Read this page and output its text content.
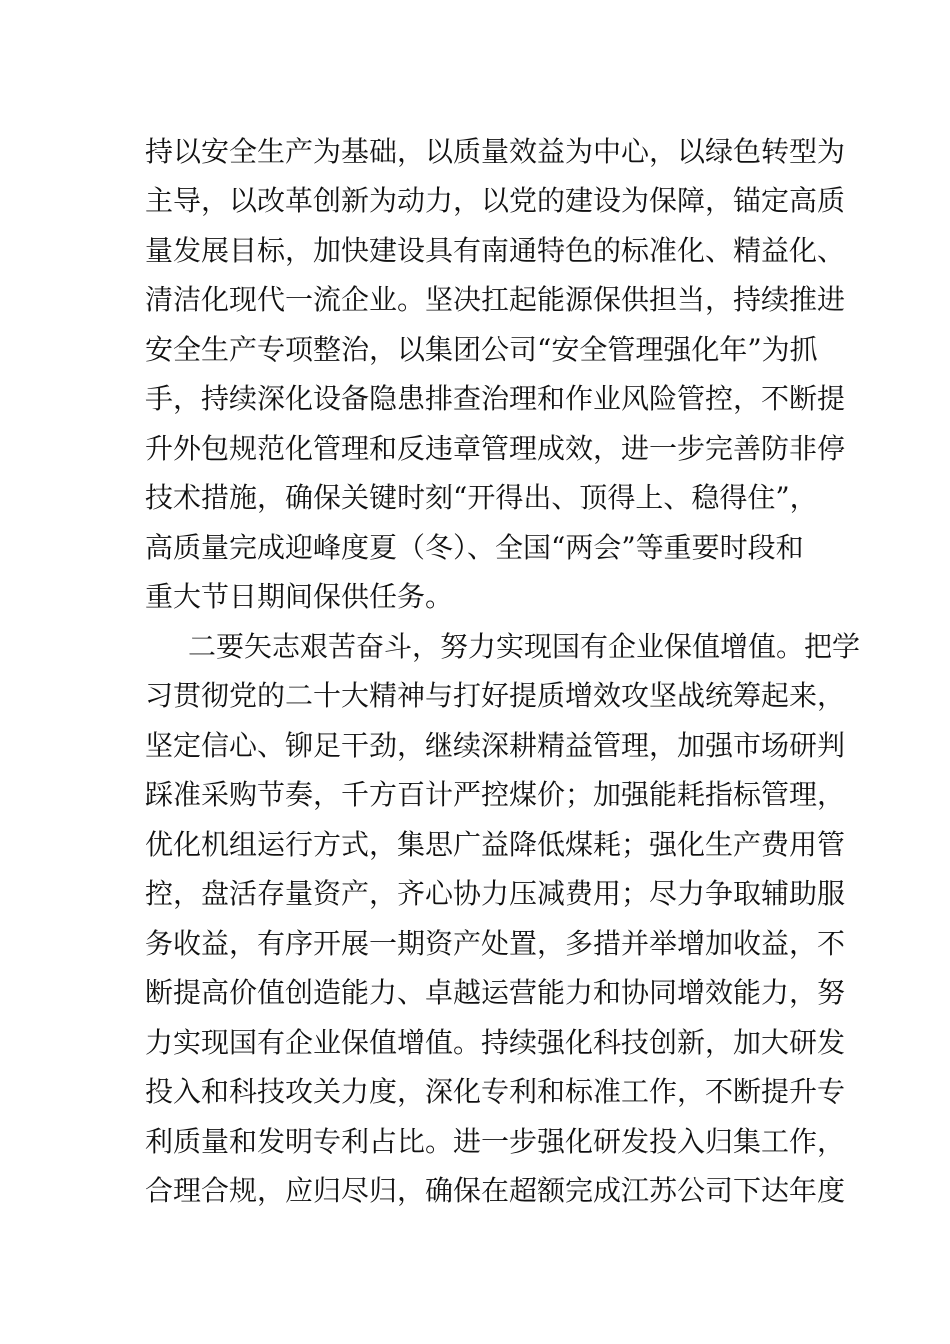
持以安全生产为基础，以质量效益为中心，以绿色转型为
主导，以改革创新为动力，以党的建设为保障，锚定高质
量发展目标，加快建设具有南通特色的标准化、精益化、
清洁化现代一流企业。坚决扛起能源保供担当，持续推进
安全生产专项整治，以集团公司“安全管理强化年”为抓
手，持续深化设备隐患排查治理和作业风险管控，不断提
升外包规范化管理和反违章管理成效，进一步完善防非停
技术措施，确保关键时刻“开得出、顶得上、稳得住”，
高质量完成迎峰度夏（冬）、全国“两会”等重要时段和
重大节日期间保供任务。
二要矢志艰苦奋斗，努力实现国有企业保值增值。把学
习贯彻党的二十大精神与打好提质增效攻坚战统筹起来，
坚定信心、铆足干劲，继续深耕精益管理，加强市场研判
踩准采购节奏，千方百计严控煤价；加强能耗指标管理，
优化机组运行方式，集思广益降低煤耗；强化生产费用管
控，盘活存量资产，齐心协力压减费用；尽力争取辅助服
务收益，有序开展一期资产处置，多措并举增加收益，不
断提高价值创造能力、卓越运营能力和协同增效能力，努
力实现国有企业保值增值。持续强化科技创新，加大研发
投入和科技攻关力度，深化专利和标准工作，不断提升专
利质量和发明专利占比。进一步强化研发投入归集工作，
合理合规，应归尽归，确保在超额完成江苏公司下达年度
